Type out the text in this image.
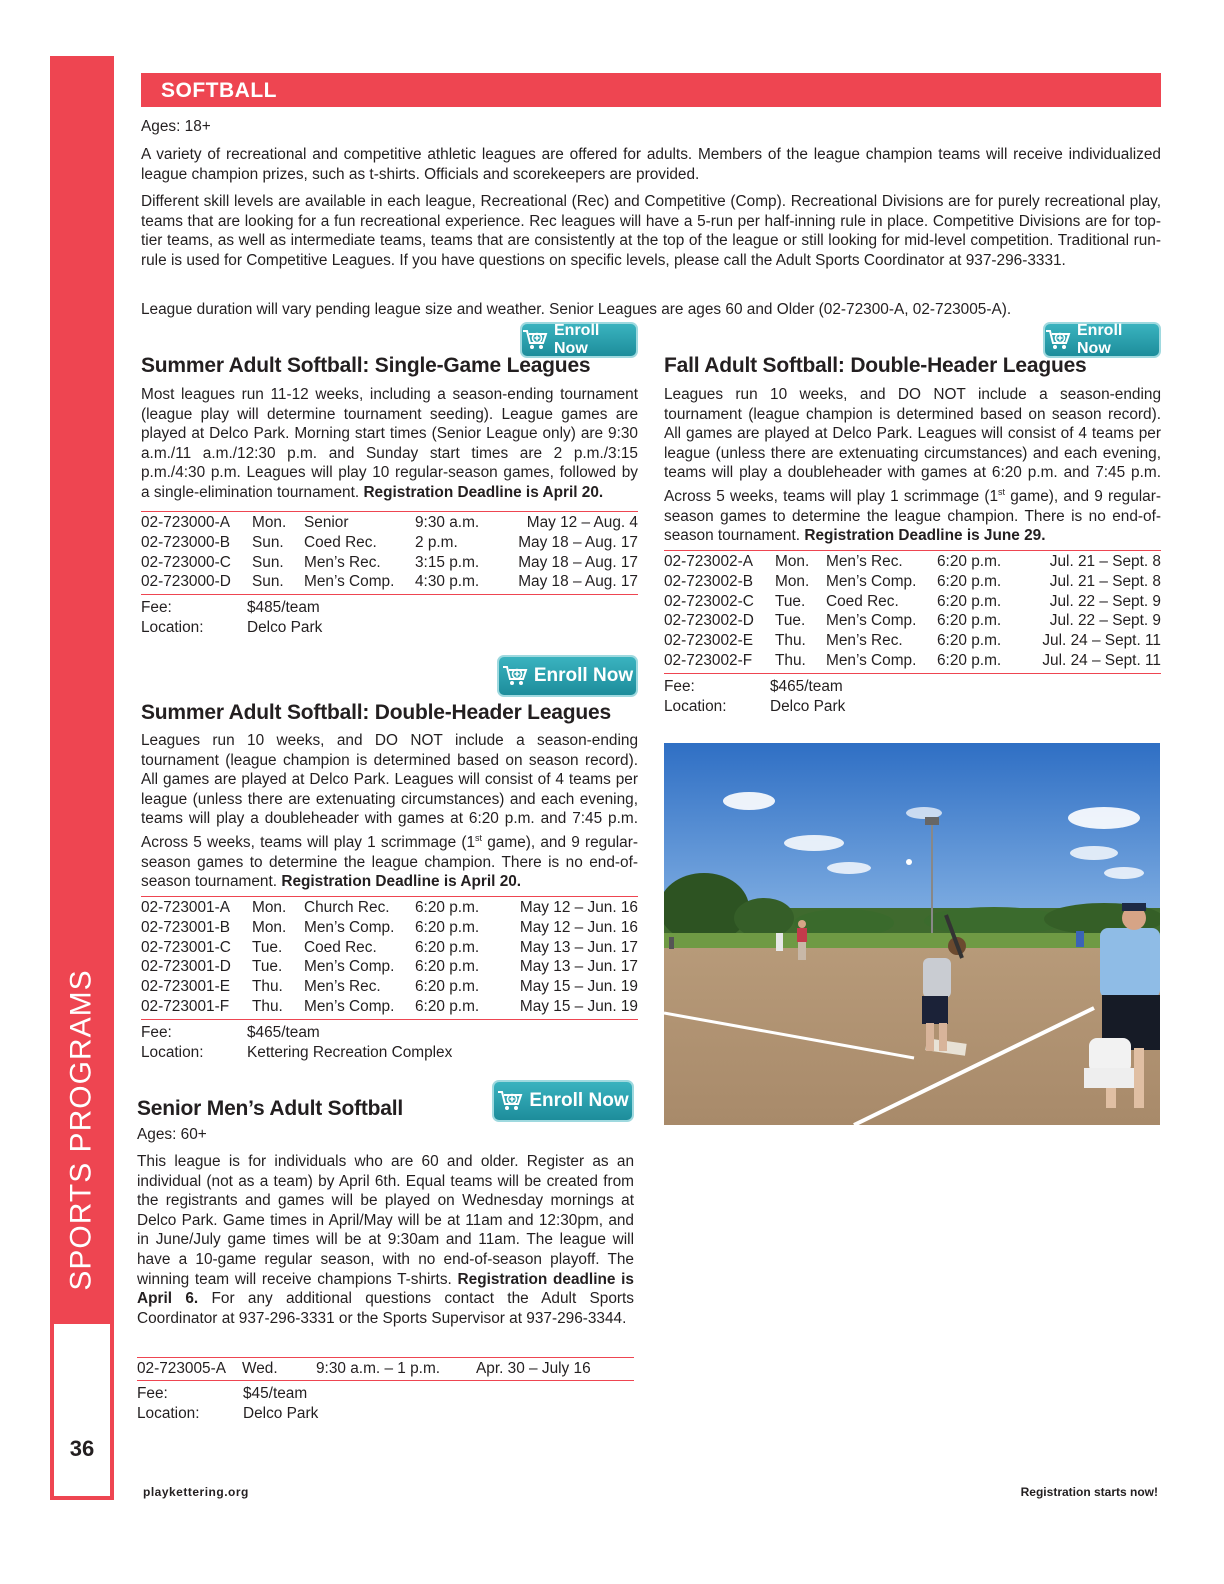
SPORTS PROGRAMS
36
SOFTBALL
Ages: 18+
A variety of recreational and competitive athletic leagues are offered for adults. Members of the league champion teams will receive individualized league champion prizes, such as t-shirts. Officials and scorekeepers are provided.
Different skill levels are available in each league, Recreational (Rec) and Competitive (Comp). Recreational Divisions are for purely recreational play, teams that are looking for a fun recreational experience. Rec leagues will have a 5-run per half-inning rule in place. Competitive Divisions are for top-tier teams, as well as intermediate teams, teams that are consistently at the top of the league or still looking for mid-level competition. Traditional run-rule is used for Competitive Leagues. If you have questions on specific levels, please call the Adult Sports Coordinator at 937-296-3331.
League duration will vary pending league size and weather. Senior Leagues are ages 60 and Older (02-72300-A, 02-723005-A).
Enroll Now
Enroll Now
Enroll Now
Enroll Now
Summer Adult Softball: Single-Game Leagues
Most leagues run 11-12 weeks, including a season-ending tournament (league play will determine tournament seeding). League games are played at Delco Park. Morning start times (Senior League only) are 9:30 a.m./11 a.m./12:30 p.m. and Sunday start times are 2 p.m./3:15 p.m./4:30 p.m. Leagues will play 10 regular-season games, followed by a single-elimination tournament. Registration Deadline is April 20.
02-723000-A Mon. Senior	9:30 a.m.	May 12 – Aug. 4
02-723000-B Sun. Coed Rec. 2 p.m.	May 18 – Aug. 17
02-723000-C Sun. Men’s Rec. 3:15 p.m.	May 18 – Aug. 17
02-723000-D Sun. Men’s Comp. 4:30 p.m.	May 18 – Aug. 17
Fee:	$485/team
Location:	Delco Park
Summer Adult Softball: Double-Header Leagues
Leagues run 10 weeks, and DO NOT include a season-ending tournament (league champion is determined based on season record). All games are played at Delco Park. Leagues will consist of 4 teams per league (unless there are extenuating circumstances) and each evening, teams will play a doubleheader with games at 6:20 p.m. and 7:45 p.m. Across 5 weeks, teams will play 1 scrimmage (1st game), and 9 regular-season games to determine the league champion. There is no end-of-season tournament. Registration Deadline is April 20.
02-723001-A Mon. Church Rec. 6:20 p.m.	May 12 – Jun. 16
02-723001-B Mon. Men’s Comp. 6:20 p.m.	May 12 – Jun. 16
02-723001-C Tue. Coed Rec. 6:20 p.m.	May 13 – Jun. 17
02-723001-D Tue. Men’s Comp. 6:20 p.m.	May 13 – Jun. 17
02-723001-E Thu. Men’s Rec. 6:20 p.m.	May 15 – Jun. 19
02-723001-F Thu. Men’s Comp. 6:20 p.m.	May 15 – Jun. 19
Fee:	$465/team
Location:	Kettering Recreation Complex
Senior Men’s Adult Softball
Ages: 60+
This league is for individuals who are 60 and older. Register as an individual (not as a team) by April 6th. Equal teams will be created from the registrants and games will be played on Wednesday mornings at Delco Park. Game times in April/May will be at 11am and 12:30pm, and in June/July game times will be at 9:30am and 11am. The league will have a 10-game regular season, with no end-of-season playoff. The winning team will receive champions T-shirts. Registration deadline is April 6. For any additional questions contact the Adult Sports Coordinator at 937-296-3331 or the Sports Supervisor at 937-296-3344.
02-723005-A Wed. 9:30 a.m. – 1 p.m. Apr. 30 – July 16
Fee:	$45/team
Location:	Delco Park
Fall Adult Softball: Double-Header Leagues
Leagues run 10 weeks, and DO NOT include a season-ending tournament (league champion is determined based on season record). All games are played at Delco Park. Leagues will consist of 4 teams per league (unless there are extenuating circumstances) and each evening, teams will play a doubleheader with games at 6:20 p.m. and 7:45 p.m. Across 5 weeks, teams will play 1 scrimmage (1st game), and 9 regular-season games to determine the league champion. There is no end-of-season tournament. Registration Deadline is June 29.
02-723002-A Mon. Men’s Rec. 6:20 p.m.	Jul. 21 – Sept. 8
02-723002-B Mon. Men’s Comp. 6:20 p.m.	Jul. 21 – Sept. 8
02-723002-C Tue. Coed Rec. 6:20 p.m.	Jul. 22 – Sept. 9
02-723002-D Tue. Men’s Comp. 6:20 p.m.	Jul. 22 – Sept. 9
02-723002-E Thu. Men’s Rec. 6:20 p.m.	Jul. 24 – Sept. 11
02-723002-F Thu. Men’s Comp. 6:20 p.m.	Jul. 24 – Sept. 11
Fee:	$465/team
Location:	Delco Park
playkettering.org	Registration starts now!
